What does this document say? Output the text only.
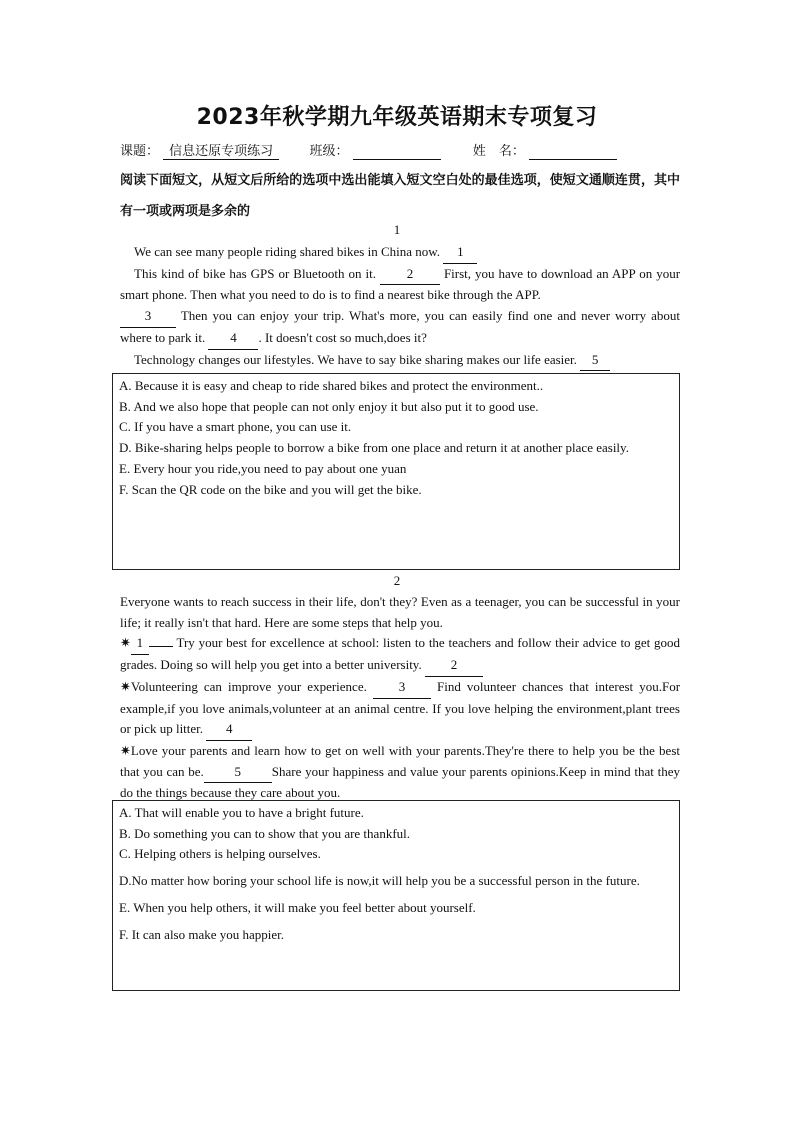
2023年秋学期九年级英语期末专项复习
课题： 信息还原专项练习	班级：	姓　名：
阅读下面短文，从短文后所给的选项中选出能填入短文空白处的最佳选项，使短文通顺连贯，其中有一项或两项是多余的
1

We can see many people riding shared bikes in China now. 1

This kind of bike has GPS or Bluetooth on it. 2 First, you have to download an APP on your smart phone. Then what you need to do is to find a nearest bike through the APP.

3 Then you can enjoy your trip. What's more, you can easily find one and never worry about where to park it. 4 . It doesn't cost so much,does it?

Technology changes our lifestyles. We have to say bike sharing makes our life easier. 5

A. Because it is easy and cheap to ride shared bikes and protect the environment..

B. And we also hope that people can not only enjoy it but also put it to good use.

C. If you have a smart phone, you can use it.

D. Bike-sharing helps people to borrow a bike from one place and return it at another place easily.

E. Every hour you ride,you need to pay about one yuan

F. Scan the QR code on the bike and you will get the bike.

2

Everyone wants to reach success in their life, don't they? Even as a teenager, you can be successful in your life; it really isn't that hard. Here are some steps that help you.

✷ 1	Try your best for excellence at school: listen to the teachers and follow their advice to get good grades. Doing so will help you get into a better university. 2

✷Volunteering can improve your experience. 3 Find volunteer chances that interest you.For example,if you love animals,volunteer at an animal centre. If you love helping the environment,plant trees or pick up litter. 4

✷Love your parents and learn how to get on well with your parents.They're there to help you be the best that you can be. 5 Share your happiness and value your parents opinions.Keep in mind that they do the things because they care about you.

A. That will enable you to have a bright future.

B. Do something you can to show that you are thankful.

C. Helping others is helping ourselves.

D.No matter how boring your school life is now,it will help you be a successful person in the future.

E. When you help others, it will make you feel better about yourself.

F. It can also make you happier.
